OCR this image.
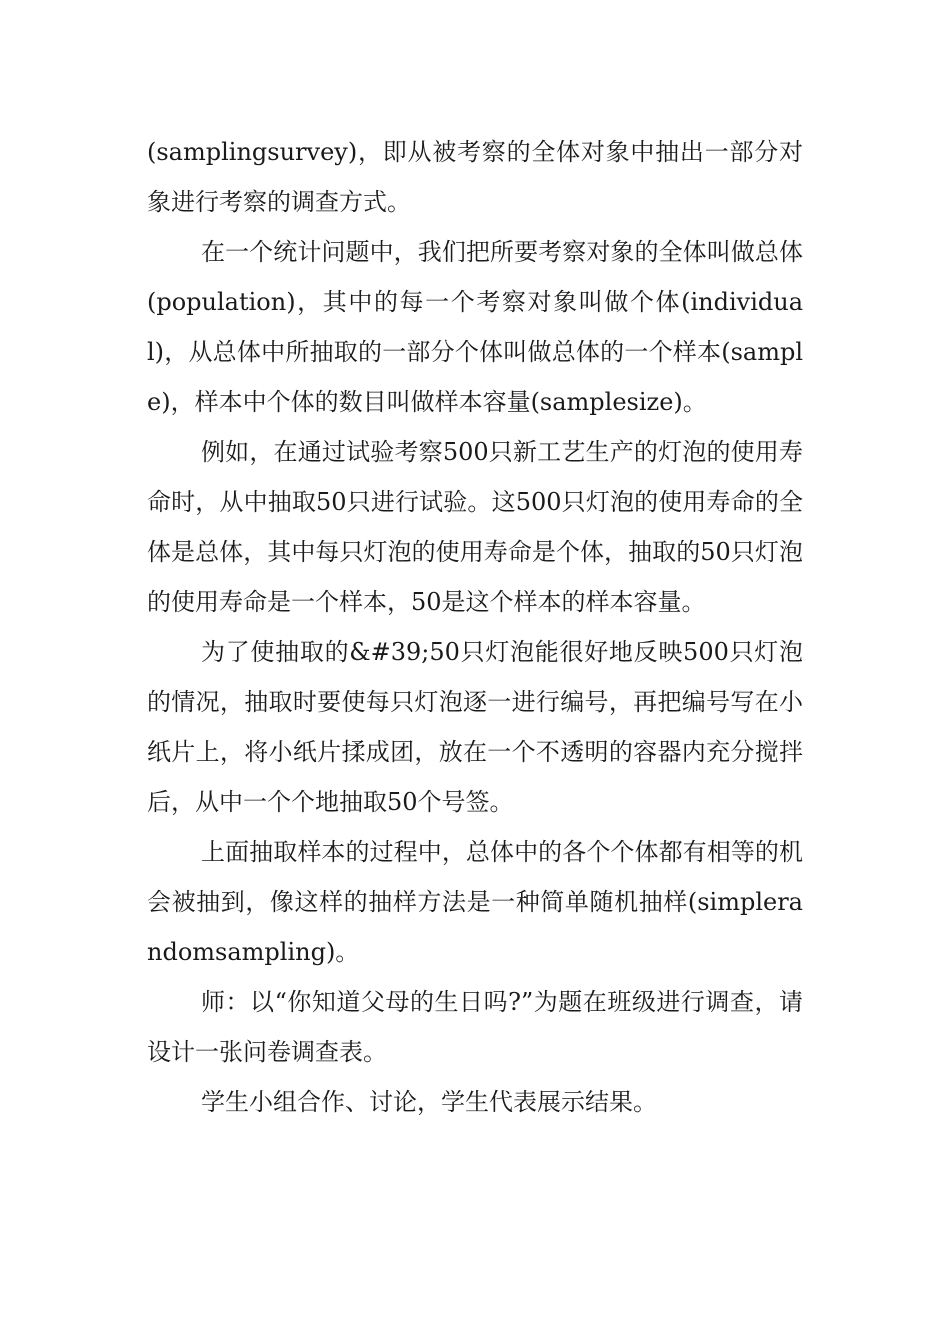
(samplingsurvey)，即从被考察的全体对象中抽出一部分对象进行考察的调查方式。

在一个统计问题中，我们把所要考察对象的全体叫做总体(population)，其中的每一个考察对象叫做个体(individual)，从总体中所抽取的一部分个体叫做总体的一个样本(sample)，样本中个体的数目叫做样本容量(samplesize)。

例如，在通过试验考察500只新工艺生产的灯泡的使用寿命时，从中抽取50只进行试验。这500只灯泡的使用寿命的全体是总体，其中每只灯泡的使用寿命是个体，抽取的50只灯泡的使用寿命是一个样本，50是这个样本的样本容量。

为了使抽取的&#39;50只灯泡能很好地反映500只灯泡的情况，抽取时要使每只灯泡逐一进行编号，再把编号写在小纸片上，将小纸片揉成团，放在一个不透明的容器内充分搅拌后，从中一个个地抽取50个号签。

上面抽取样本的过程中，总体中的各个个体都有相等的机会被抽到，像这样的抽样方法是一种简单随机抽样(simplerandomsampling)。

师：以“你知道父母的生日吗?”为题在班级进行调查，请设计一张问卷调查表。

学生小组合作、讨论，学生代表展示结果。
